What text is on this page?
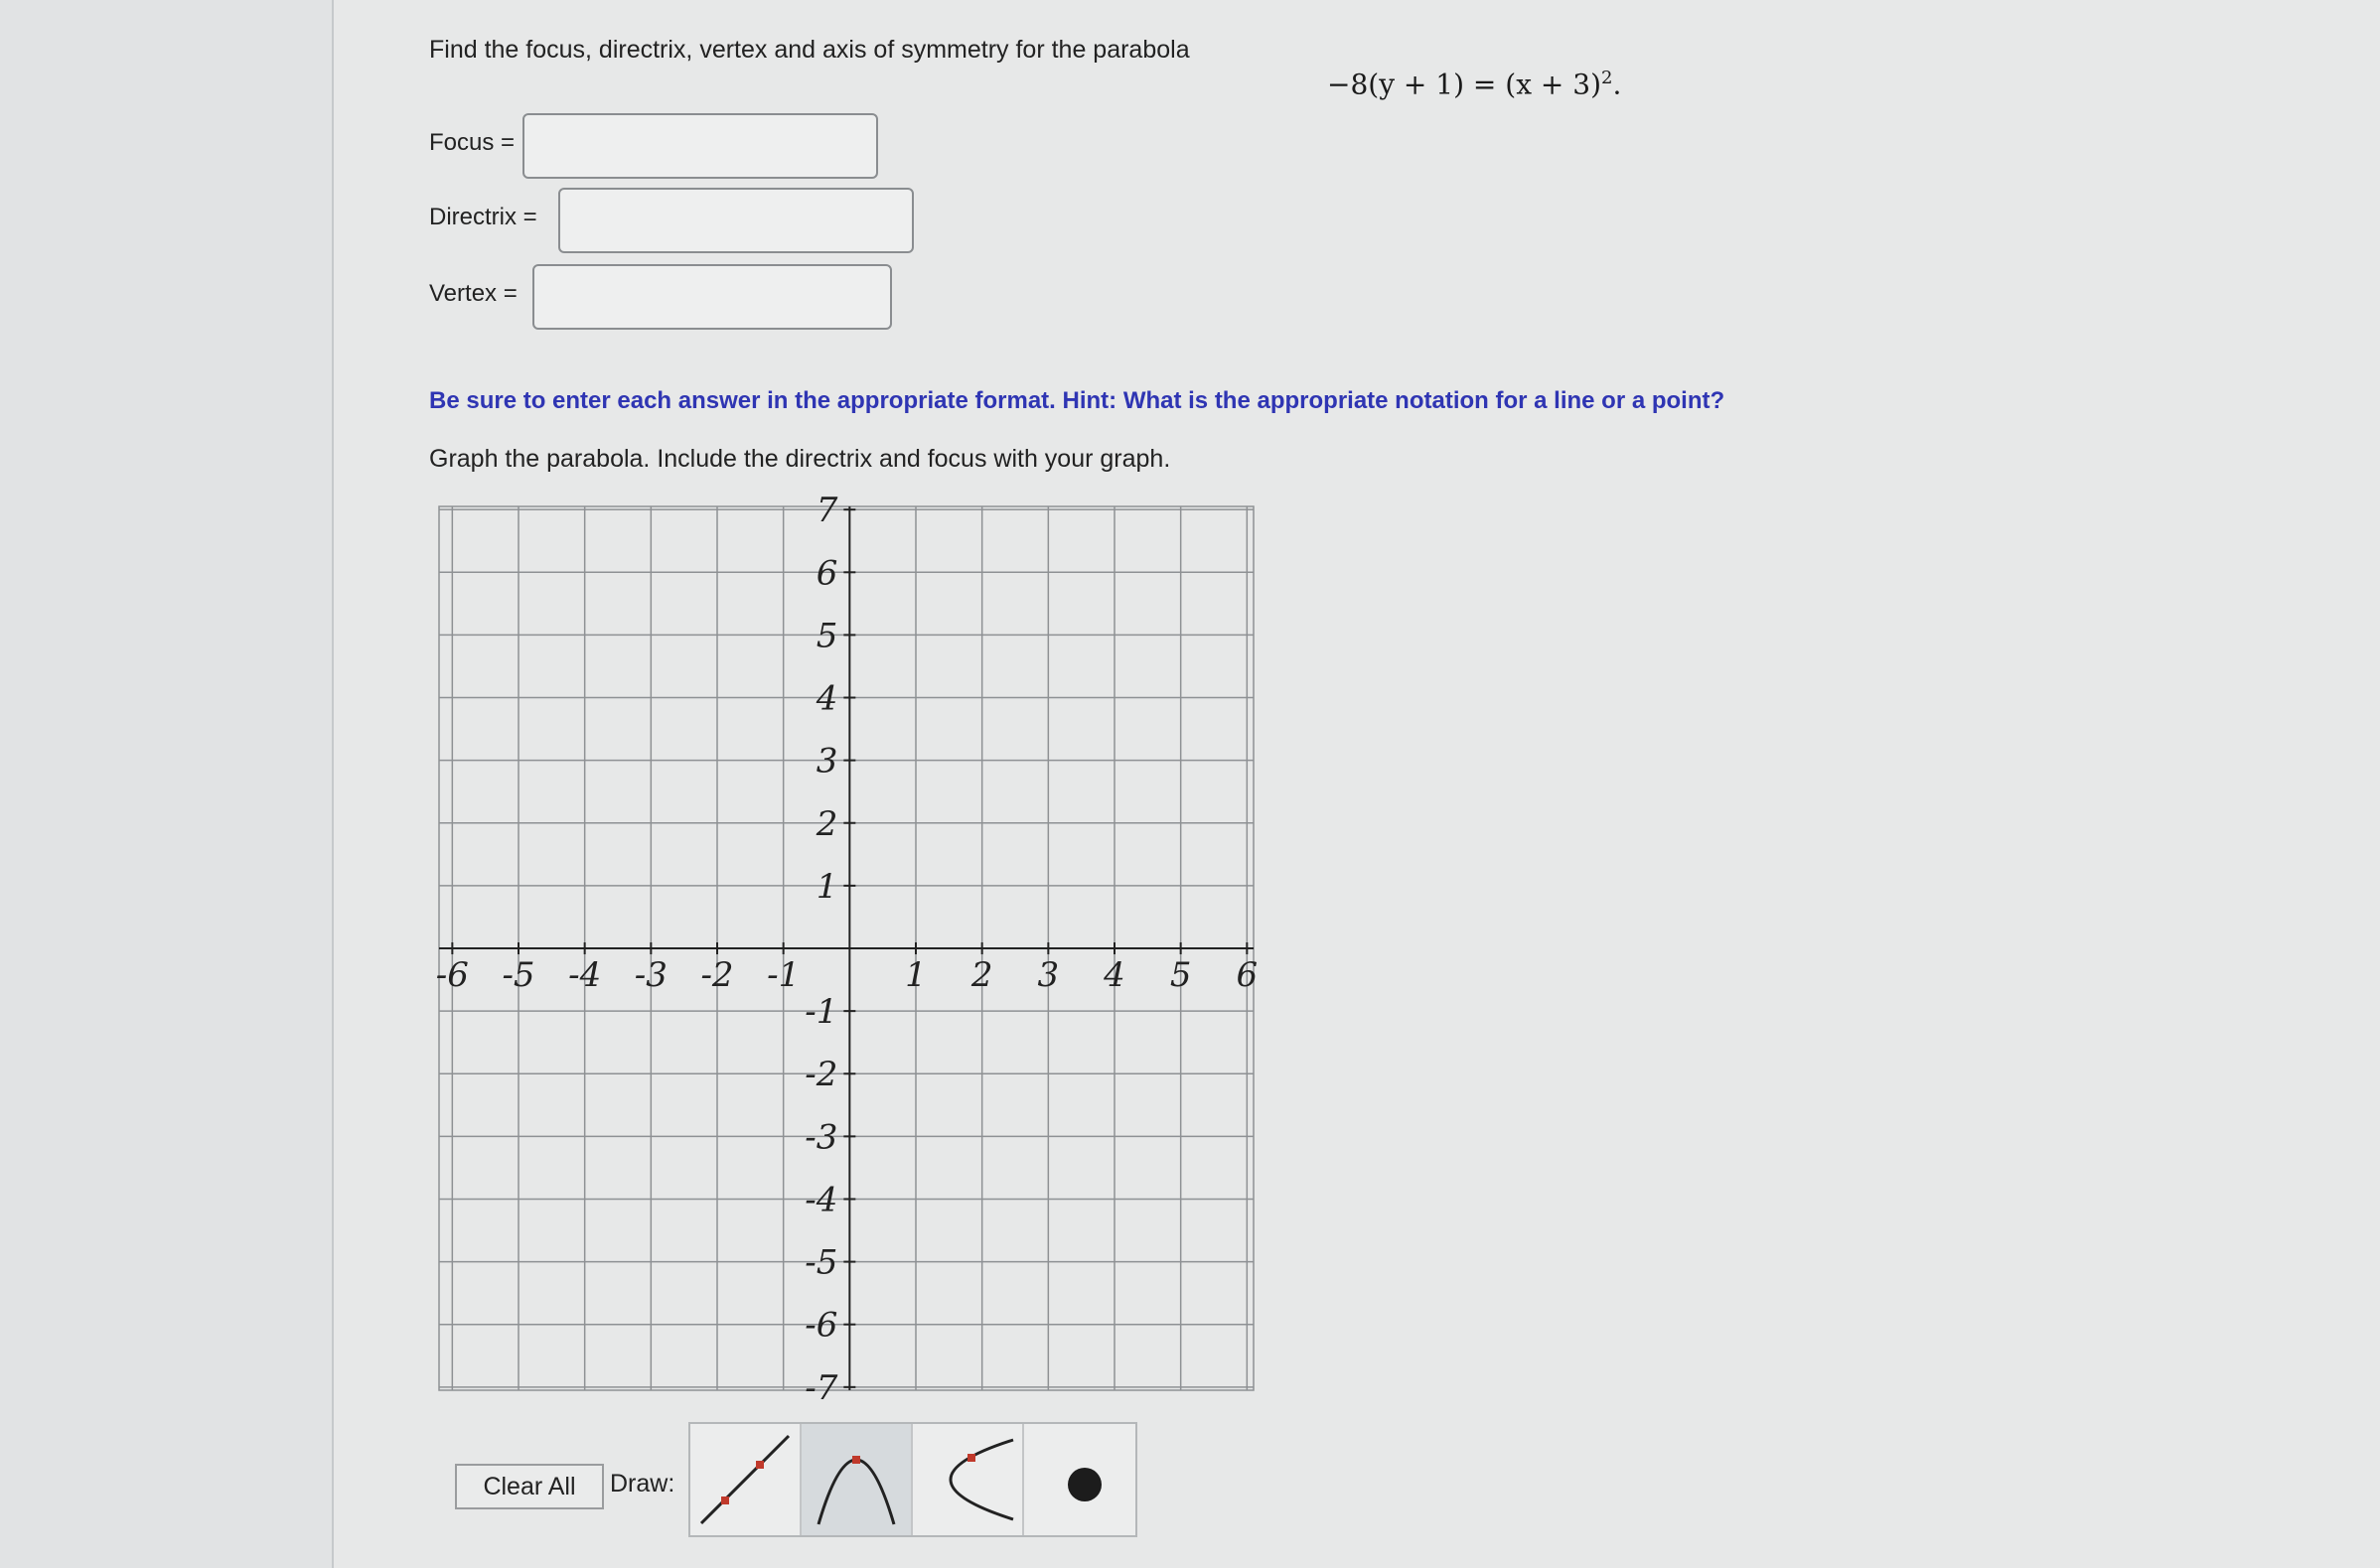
Find the focus, directrix, vertex and axis of symmetry for the parabola
$-8(y + 1) = (x + 3)^2$.
Focus =
Directrix =
Vertex =
Be sure to enter each answer in the appropriate format. Hint: What is the appropriate notation for a line or a point?
Graph the parabola. Include the directrix and focus with your graph.
-6 -5 -4 -3 -2 -1	1 2 3 4 5 6
7
6
5
4
3
2
1
-1
-2
-3
-4
-5
-6
-7
Clear All	Draw:
